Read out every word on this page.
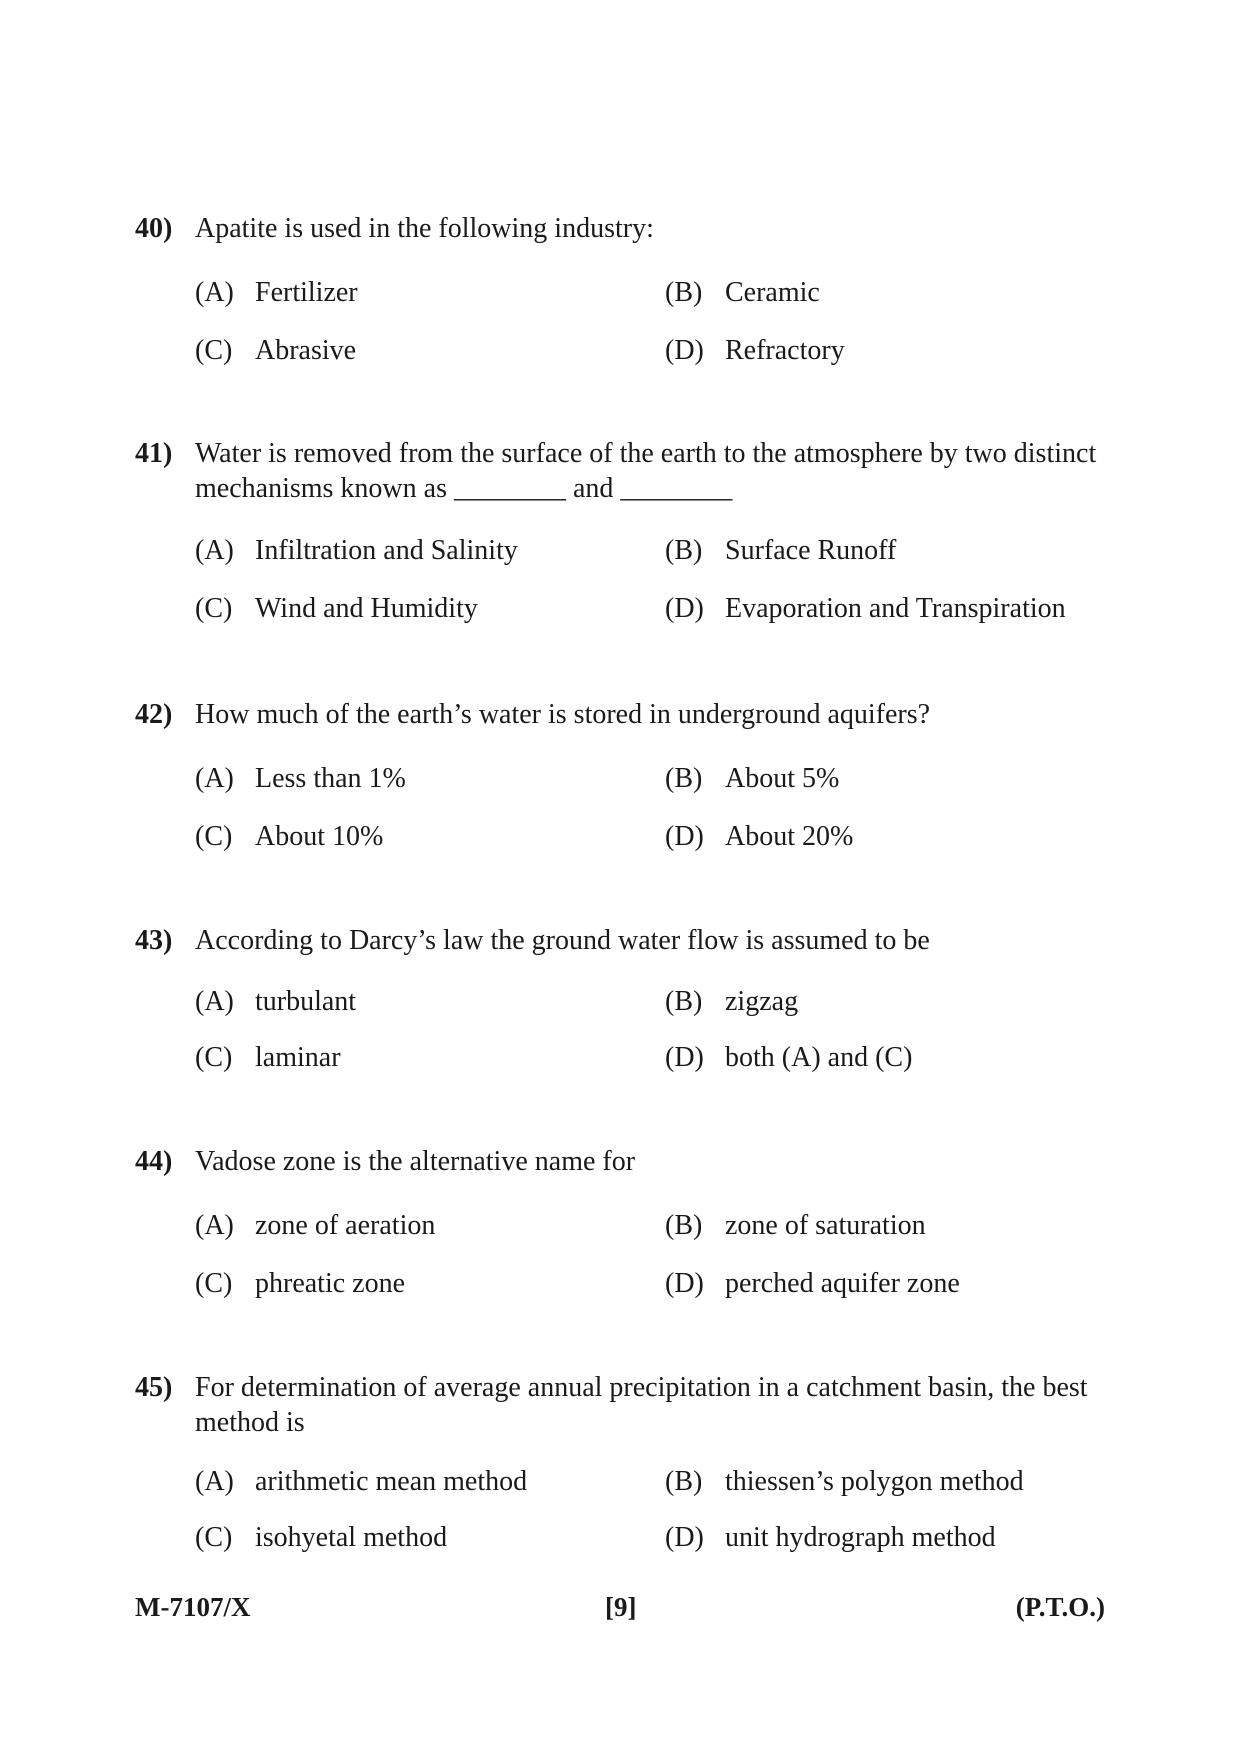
40) Apatite is used in the following industry:
(A) Fertilizer	(B) Ceramic
(C) Abrasive	(D) Refractory
41) Water is removed from the surface of the earth to the atmosphere by two distinct mechanisms known as ________ and ________
(A) Infiltration and Salinity	(B) Surface Runoff
(C) Wind and Humidity	(D) Evaporation and Transpiration
42) How much of the earth’s water is stored in underground aquifers?
(A) Less than 1%	(B) About 5%
(C) About 10%	(D) About 20%
43) According to Darcy’s law the ground water flow is assumed to be
(A) turbulant	(B) zigzag
(C) laminar	(D) both (A) and (C)
44) Vadose zone is the alternative name for
(A) zone of aeration	(B) zone of saturation
(C) phreatic zone	(D) perched aquifer zone
45) For determination of average annual precipitation in a catchment basin, the best method is
(A) arithmetic mean method	(B) thiessen’s polygon method
(C) isohyetal method	(D) unit hydrograph method
M-7107/X	[9]	(P.T.O.)
